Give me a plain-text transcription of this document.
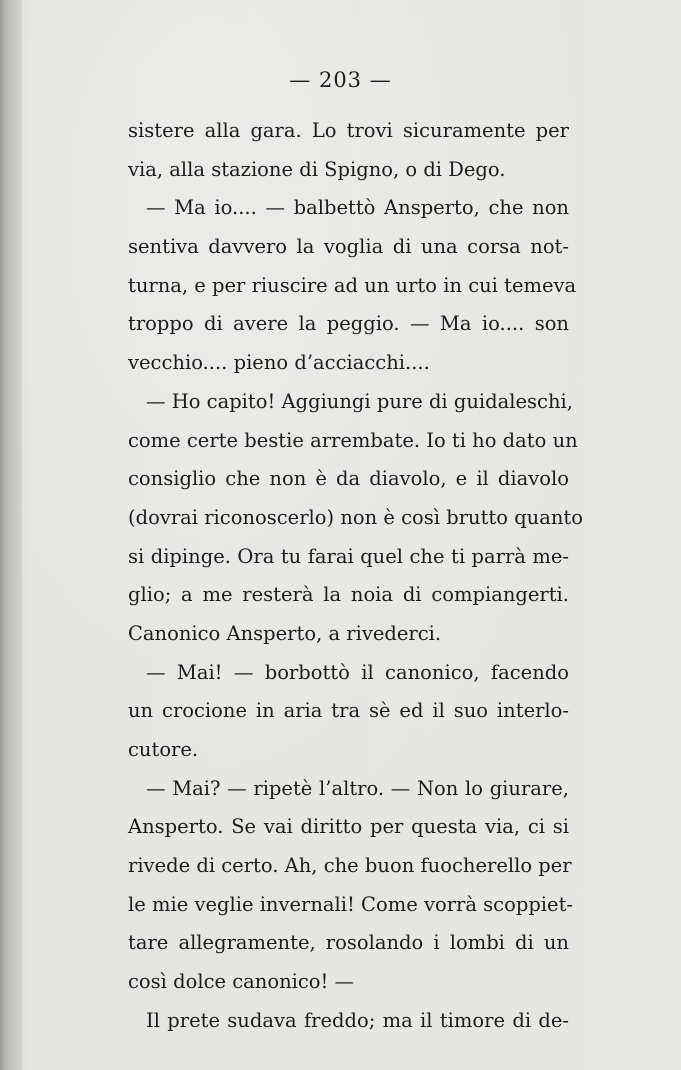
— 203 —
sistere alla gara. Lo trovi sicuramente per
via, alla stazione di Spigno, o di Dego.
— Ma io.... — balbettò Ansperto, che non
sentiva davvero la voglia di una corsa not-
turna, e per riuscire ad un urto in cui temeva
troppo di avere la peggio. — Ma io.... son
vecchio.... pieno d’acciacchi....
— Ho capito! Aggiungi pure di guidaleschi,
come certe bestie arrembate. Io ti ho dato un
consiglio che non è da diavolo, e il diavolo
(dovrai riconoscerlo) non è così brutto quanto
si dipinge. Ora tu farai quel che ti parrà me-
glio; a me resterà la noia di compiangerti.
Canonico Ansperto, a rivederci.
— Mai! — borbottò il canonico, facendo
un crocione in aria tra sè ed il suo interlo-
cutore.
— Mai? — ripetè l’altro. — Non lo giurare,
Ansperto. Se vai diritto per questa via, ci si
rivede di certo. Ah, che buon fuocherello per
le mie veglie invernali! Come vorrà scoppiet-
tare allegramente, rosolando i lombi di un
così dolce canonico! —
Il prete sudava freddo; ma il timore di de-
